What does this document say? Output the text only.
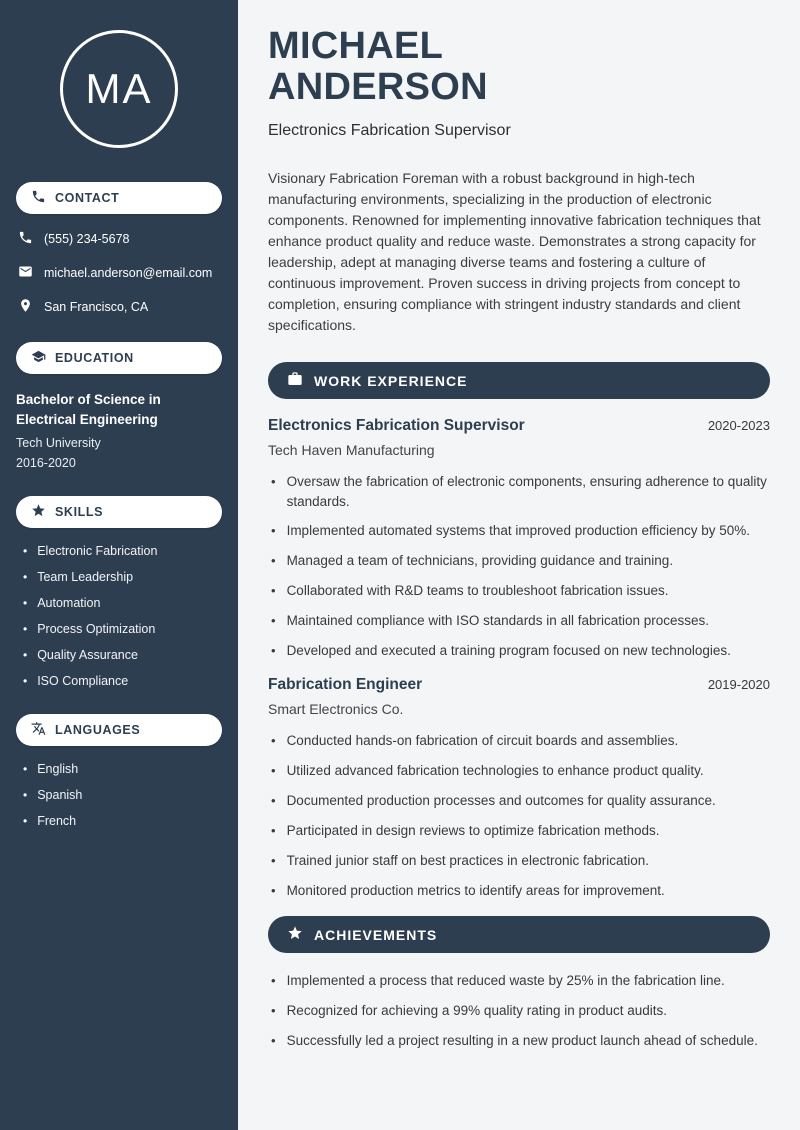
MA
CONTACT
(555) 234-5678
michael.anderson@email.com
San Francisco, CA
EDUCATION
Bachelor of Science in Electrical Engineering
Tech University
2016-2020
SKILLS
• Electronic Fabrication
• Team Leadership
• Automation
• Process Optimization
• Quality Assurance
• ISO Compliance
LANGUAGES
• English
• Spanish
• French
MICHAEL
ANDERSON
Electronics Fabrication Supervisor

Visionary Fabrication Foreman with a robust background in high-tech manufacturing environments, specializing in the production of electronic components. Renowned for implementing innovative fabrication techniques that enhance product quality and reduce waste. Demonstrates a strong capacity for leadership, adept at managing diverse teams and fostering a culture of continuous improvement. Proven success in driving projects from concept to completion, ensuring compliance with stringent industry standards and client specifications.

WORK EXPERIENCE
Electronics Fabrication Supervisor	2020-2023
Tech Haven Manufacturing
• Oversaw the fabrication of electronic components, ensuring adherence to quality standards.
• Implemented automated systems that improved production efficiency by 50%.
• Managed a team of technicians, providing guidance and training.
• Collaborated with R&D teams to troubleshoot fabrication issues.
• Maintained compliance with ISO standards in all fabrication processes.
• Developed and executed a training program focused on new technologies.
Fabrication Engineer	2019-2020
Smart Electronics Co.
• Conducted hands-on fabrication of circuit boards and assemblies.
• Utilized advanced fabrication technologies to enhance product quality.
• Documented production processes and outcomes for quality assurance.
• Participated in design reviews to optimize fabrication methods.
• Trained junior staff on best practices in electronic fabrication.
• Monitored production metrics to identify areas for improvement.
ACHIEVEMENTS
• Implemented a process that reduced waste by 25% in the fabrication line.
• Recognized for achieving a 99% quality rating in product audits.
• Successfully led a project resulting in a new product launch ahead of schedule.
